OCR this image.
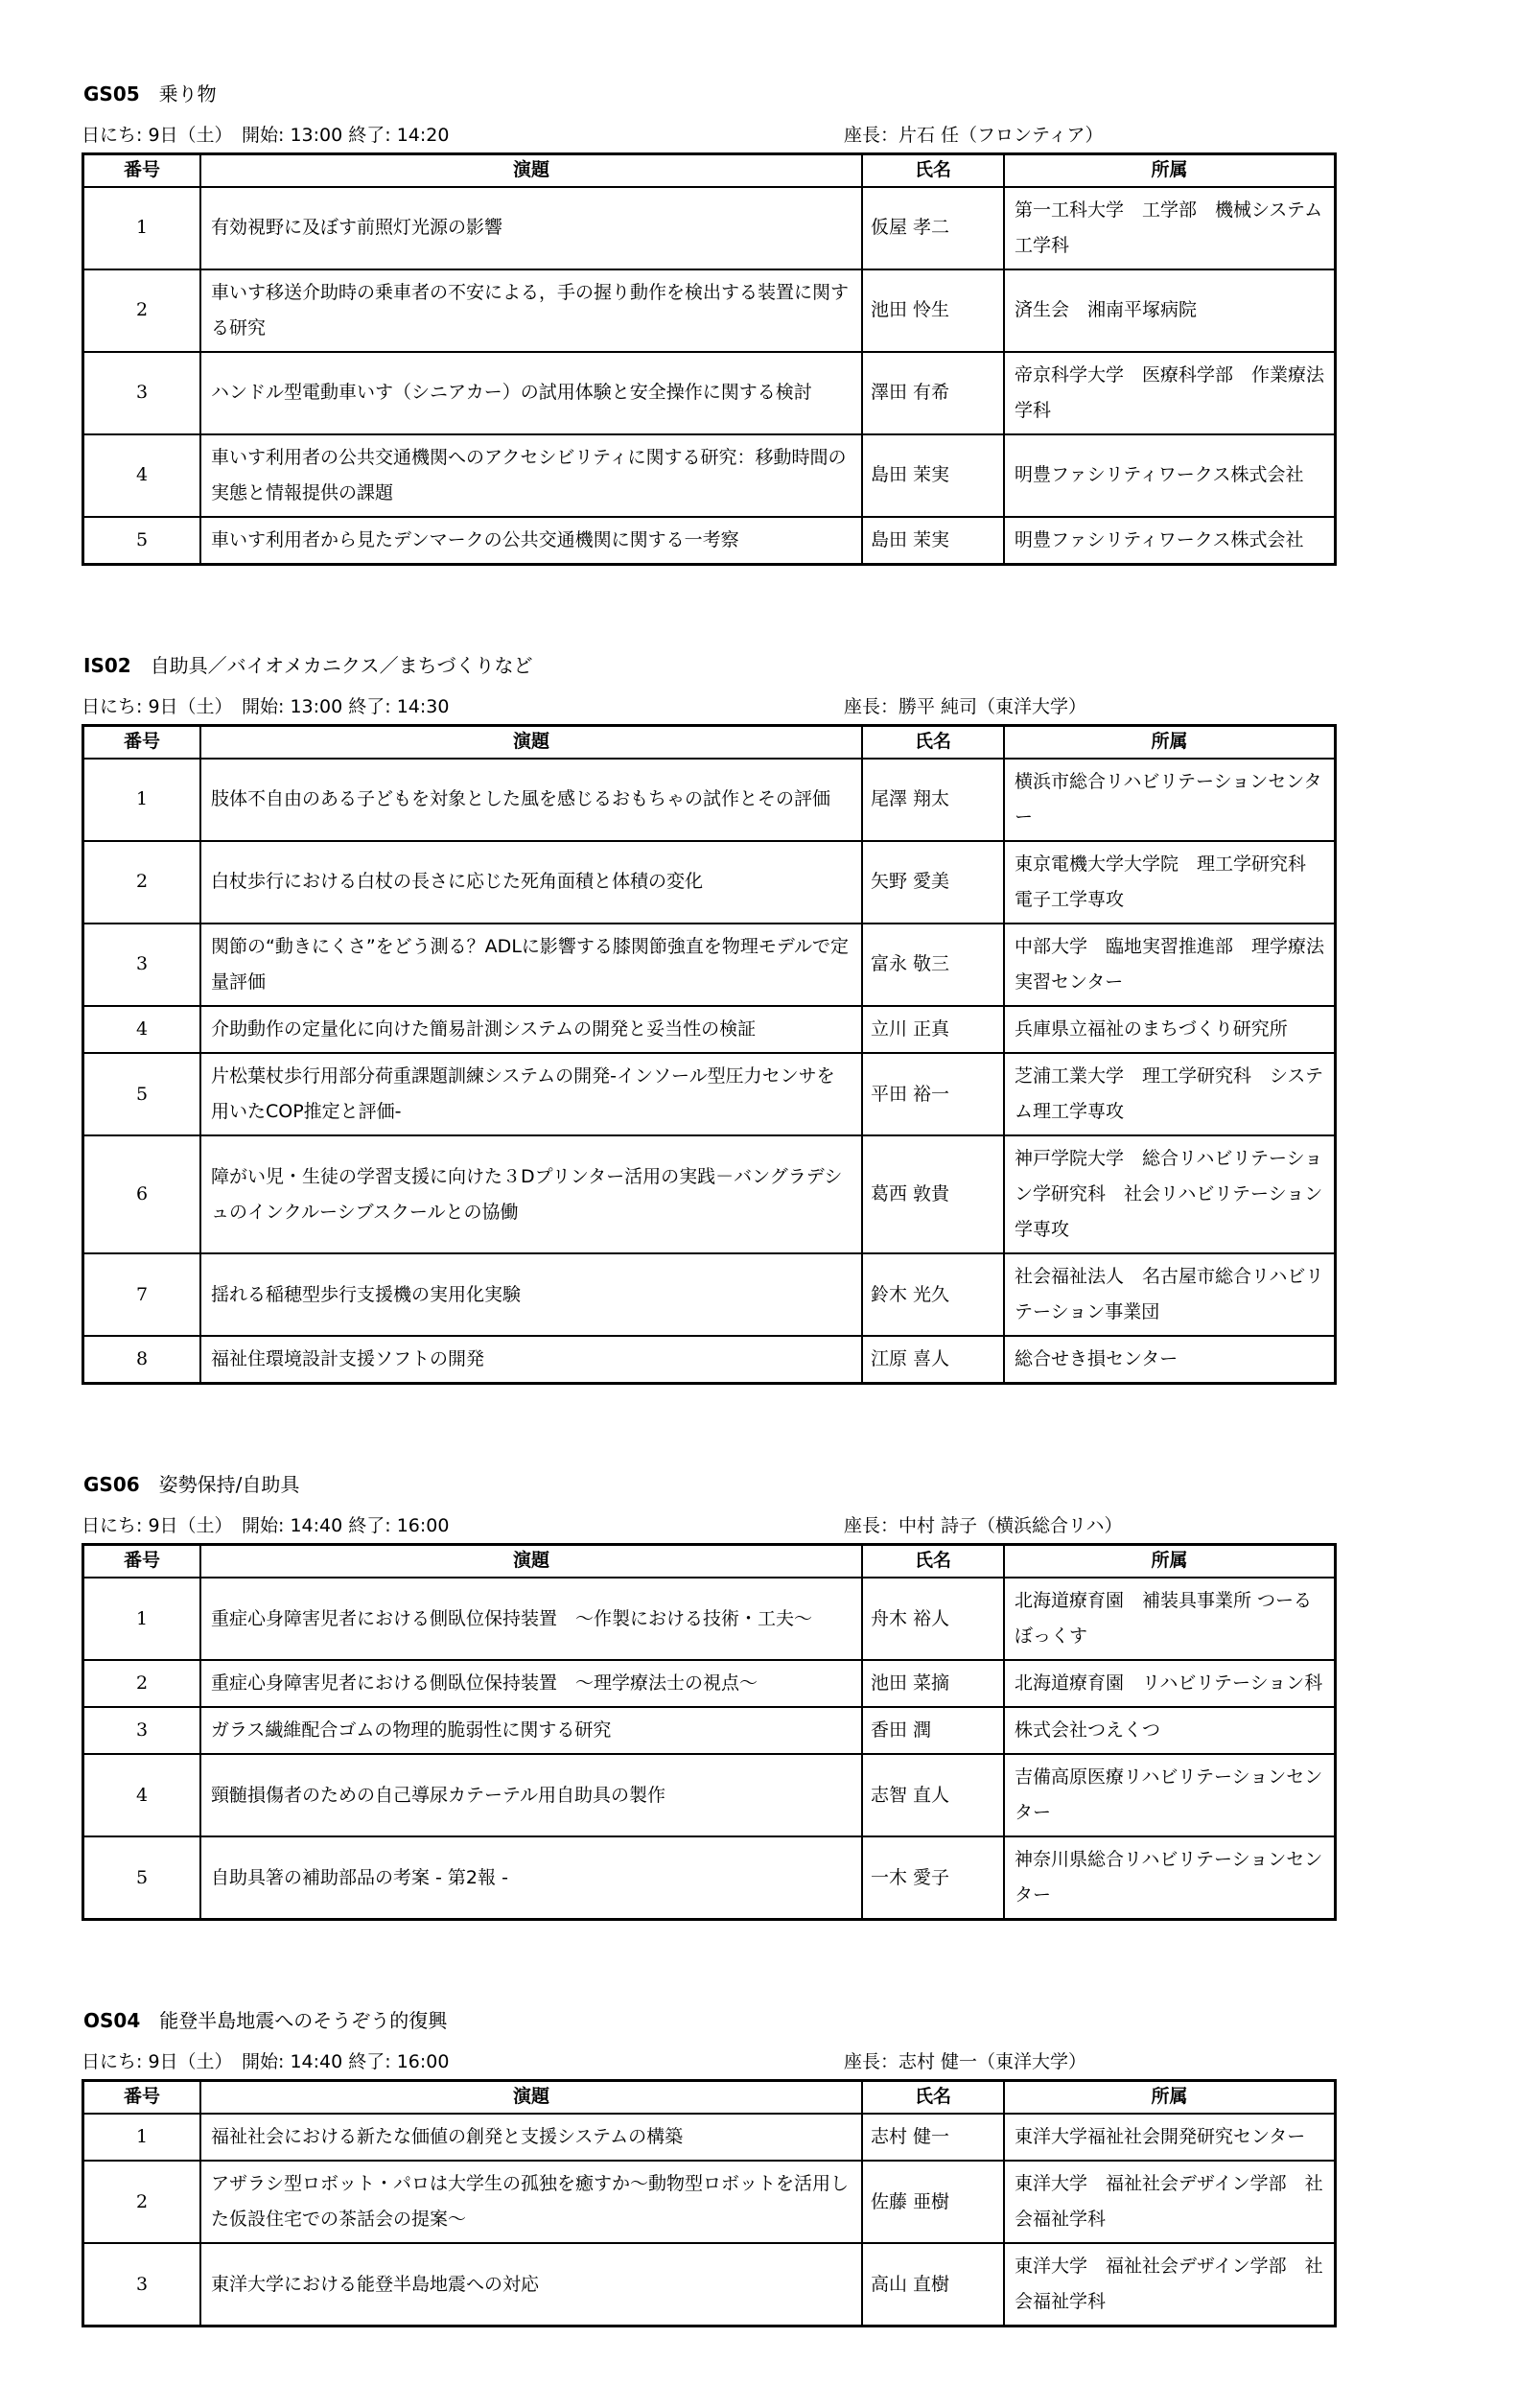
GS05 乗り物
日にち: 9日（土）　開始: 13:00 終了: 14:20	座長：片石 任（フロンティア）
番号	演題	氏名	所属
1	有効視野に及ぼす前照灯光源の影響	仮屋 孝二	第一工科大学　工学部　機械システム工学科
2	車いす移送介助時の乗車者の不安による，手の握り動作を検出する装置に関する研究	池田 怜生	済生会　湘南平塚病院
3	ハンドル型電動車いす（シニアカー）の試用体験と安全操作に関する検討	澤田 有希	帝京科学大学　医療科学部　作業療法学科
4	車いす利用者の公共交通機関へのアクセシビリティに関する研究：移動時間の実態と情報提供の課題	島田 茉実	明豊ファシリティワークス株式会社
5	車いす利用者から見たデンマークの公共交通機関に関する一考察	島田 茉実	明豊ファシリティワークス株式会社
IS02 自助具／バイオメカニクス／まちづくりなど
日にち: 9日（土）　開始: 13:00 終了: 14:30	座長：勝平 純司（東洋大学）
番号	演題	氏名	所属
1	肢体不自由のある子どもを対象とした風を感じるおもちゃの試作とその評価	尾澤 翔太	横浜市総合リハビリテーションセンター
2	白杖歩行における白杖の長さに応じた死角面積と体積の変化	矢野 愛美	東京電機大学大学院　理工学研究科　電子工学専攻
3	関節の“動きにくさ”をどう測る？ADLに影響する膝関節強直を物理モデルで定量評価	富永 敬三	中部大学　臨地実習推進部　理学療法実習センター
4	介助動作の定量化に向けた簡易計測システムの開発と妥当性の検証	立川 正真	兵庫県立福祉のまちづくり研究所
5	片松葉杖歩行用部分荷重課題訓練システムの開発-インソール型圧力センサを用いたCOP推定と評価-	平田 裕一	芝浦工業大学　理工学研究科　システム理工学専攻
6	障がい児・生徒の学習支援に向けた３Dプリンター活用の実践－バングラデシュのインクルーシブスクールとの協働	葛西 敦貴	神戸学院大学　総合リハビリテーション学研究科　社会リハビリテーション学専攻
7	揺れる稲穂型歩行支援機の実用化実験	鈴木 光久	社会福祉法人　名古屋市総合リハビリテーション事業団
8	福祉住環境設計支援ソフトの開発	江原 喜人	総合せき損センター
GS06 姿勢保持/自助具
日にち: 9日（土）　開始: 14:40 終了: 16:00	座長：中村 詩子（横浜総合リハ）
番号	演題	氏名	所属
1	重症心身障害児者における側臥位保持装置　～作製における技術・工夫～	舟木 裕人	北海道療育園　補装具事業所 つーるぼっくす
2	重症心身障害児者における側臥位保持装置　～理学療法士の視点～	池田 菜摘	北海道療育園　リハビリテーション科
3	ガラス繊維配合ゴムの物理的脆弱性に関する研究	香田 潤	株式会社つえくつ
4	頸髄損傷者のための自己導尿カテーテル用自助具の製作	志智 直人	吉備高原医療リハビリテーションセンター
5	自助具箸の補助部品の考案 - 第2報 -	一木 愛子	神奈川県総合リハビリテーションセンター
OS04 能登半島地震へのそうぞう的復興
日にち: 9日（土）　開始: 14:40 終了: 16:00	座長：志村 健一（東洋大学）
番号	演題	氏名	所属
1	福祉社会における新たな価値の創発と支援システムの構築	志村 健一	東洋大学福祉社会開発研究センター
2	アザラシ型ロボット・パロは大学生の孤独を癒すか～動物型ロボットを活用した仮設住宅での茶話会の提案～	佐藤 亜樹	東洋大学　福祉社会デザイン学部　社会福祉学科
3	東洋大学における能登半島地震への対応	高山 直樹	東洋大学　福祉社会デザイン学部　社会福祉学科
